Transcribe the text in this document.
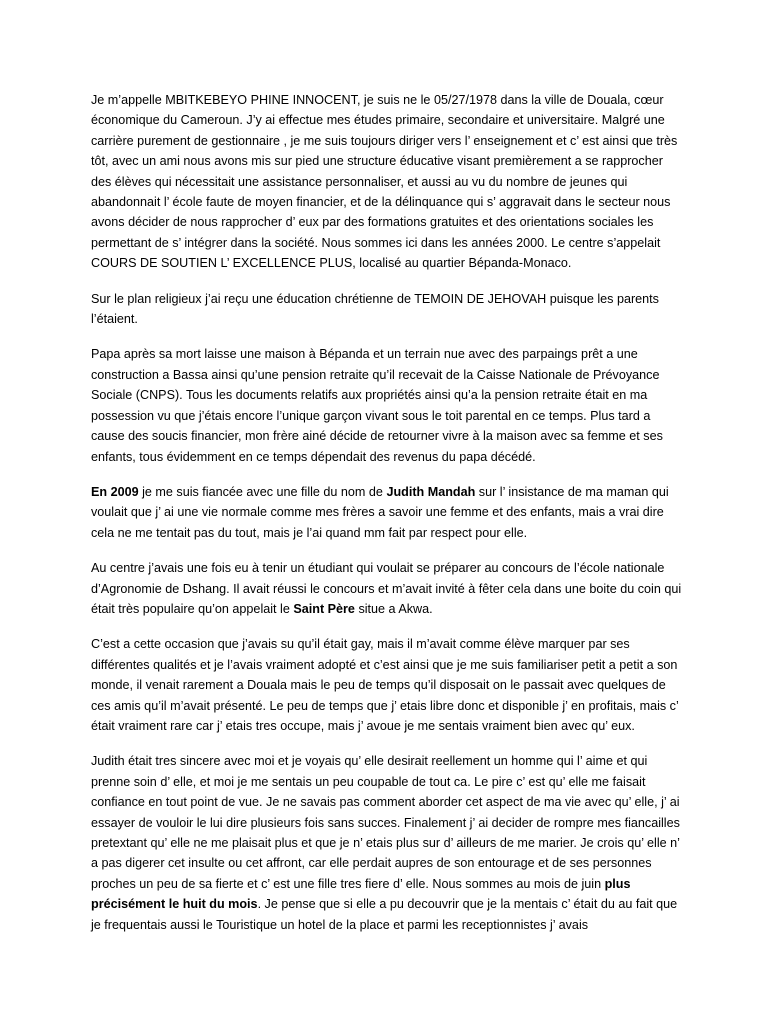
Je m’appelle MBITKEBEYO PHINE INNOCENT, je suis ne le 05/27/1978 dans la ville de Douala, cœur économique du Cameroun. J’y ai effectue mes études primaire, secondaire et universitaire. Malgré une carrière purement de gestionnaire , je me suis toujours diriger vers l’ enseignement et c’ est ainsi que très tôt, avec un ami nous avons mis sur pied une structure éducative visant premièrement a se rapprocher des élèves qui nécessitait une assistance personnaliser, et aussi au vu du nombre de jeunes qui abandonnait l’ école faute de moyen financier, et de la délinquance qui s’ aggravait dans le secteur nous avons décider de nous rapprocher d’ eux par des formations gratuites et des orientations sociales les permettant de s’ intégrer dans la société. Nous sommes ici dans les années 2000. Le centre s’appelait COURS DE SOUTIEN L’ EXCELLENCE PLUS, localisé au quartier Bépanda-Monaco.

Sur le plan religieux j’ai reçu une éducation chrétienne de TEMOIN DE JEHOVAH puisque les parents l’étaient.

Papa après sa mort laisse une maison à Bépanda et un terrain nue avec des parpaings prêt a une construction a Bassa ainsi qu’une pension retraite qu’il recevait de la Caisse Nationale de Prévoyance Sociale (CNPS). Tous les documents relatifs aux propriétés ainsi qu’a la pension retraite était en ma possession vu que j’étais encore l’unique garçon vivant sous le toit parental en ce temps. Plus tard a cause des soucis financier, mon frère ainé décide de retourner vivre à la maison avec sa femme et ses enfants, tous évidemment en ce temps dépendait des revenus du papa décédé.

En 2009 je me suis fiancée avec une fille du nom de Judith Mandah sur l’ insistance de ma maman qui voulait que j’ ai une vie normale comme mes frères a savoir une femme et des enfants, mais a vrai dire cela ne me tentait pas du tout, mais je l’ai quand mm fait par respect pour elle.

Au centre j’avais une fois eu à tenir un étudiant qui voulait se préparer au concours de l’école nationale d’Agronomie de Dshang. Il avait réussi le concours et m’avait invité à fêter cela dans une boite du coin qui était très populaire qu’on appelait le Saint Père situe a Akwa.

C’est a cette occasion que j’avais su qu’il était gay, mais il m’avait comme élève marquer par ses différentes qualités et je l’avais vraiment adopté et c’est ainsi que je me suis familiariser petit a petit a son monde, il venait rarement a Douala mais le peu de temps qu’il disposait on le passait avec quelques de ces amis qu’il m’avait présenté. Le peu de temps que j’ etais libre donc et disponible j’ en profitais, mais c’ était vraiment rare car j’ etais tres occupe, mais j’ avoue je me sentais vraiment bien avec qu’ eux.

Judith était tres sincere avec moi et je voyais qu’ elle desirait reellement un homme qui l’ aime et qui prenne soin d’ elle, et moi je me sentais un peu coupable de tout ca. Le pire c’ est qu’ elle me faisait confiance en tout point de vue. Je ne savais pas comment aborder cet aspect de ma vie avec qu’ elle, j’ ai essayer de vouloir le lui dire plusieurs fois sans succes. Finalement j’ ai decider de rompre mes fiancailles pretextant qu’ elle ne me plaisait plus et que je n’ etais plus sur d’ ailleurs de me marier. Je crois qu’ elle n’ a pas digerer cet insulte ou cet affront, car elle perdait aupres de son entourage et de ses personnes proches un peu de sa fierte et c’ est une fille tres fiere d’ elle. Nous sommes au mois de juin plus précisément le huit du mois. Je pense que si elle a pu decouvrir que je la mentais c’ était du au fait que je frequentais aussi le Touristique un hotel de la place et parmi les receptionnistes j’ avais
